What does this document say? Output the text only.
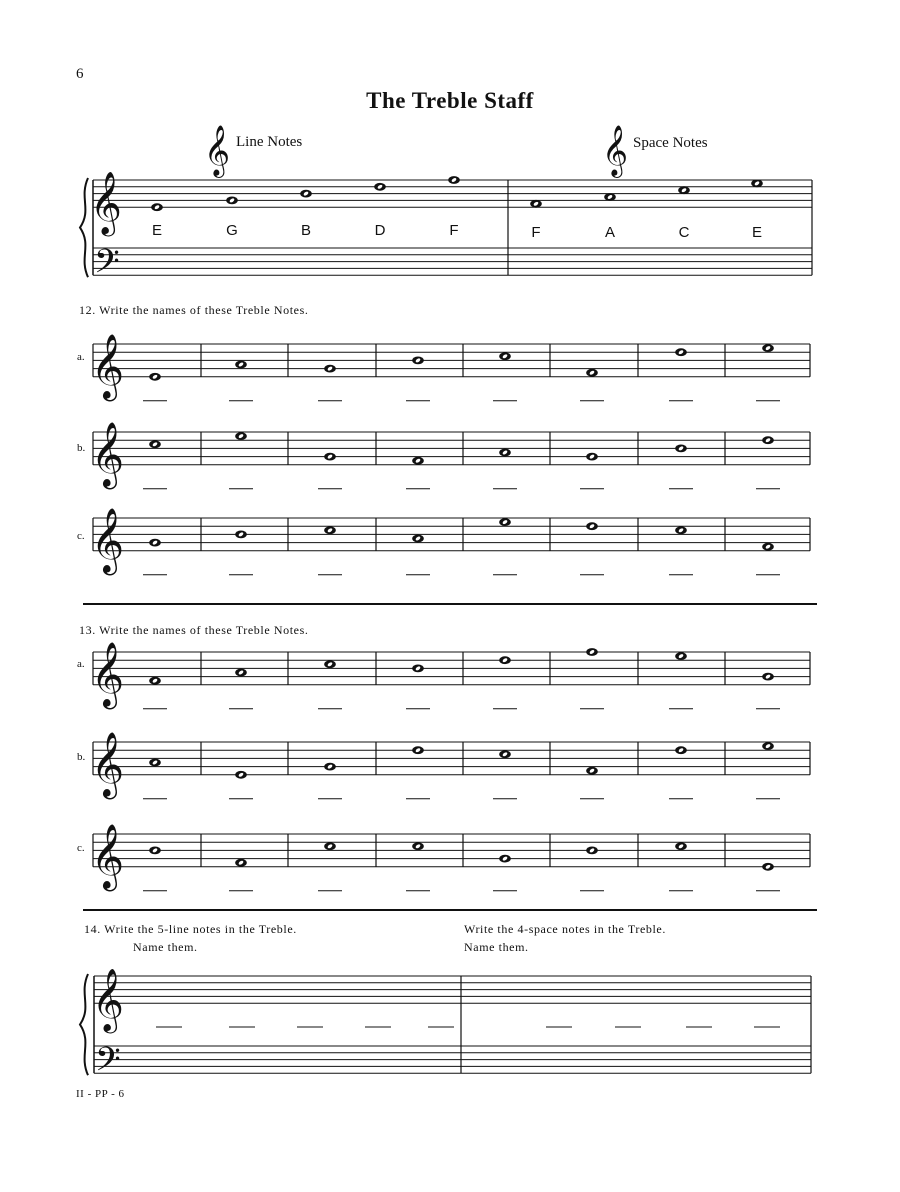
6
The Treble Staff
Line Notes	Space Notes
12. Write the names of these Treble Notes.
13. Write the names of these Treble Notes.
14. Write the 5-line notes in the Treble.
Name them.
Write the 4-space notes in the Treble.
Name them.
II - PP - 6
𝄞
𝄢
𝄞	𝄞
E	G	B	D	F	F	A	C	E
𝄞
a.
𝄞
b.
𝄞
c.
𝄞
a.
𝄞
b.
𝄞
c.
𝄞
𝄢
